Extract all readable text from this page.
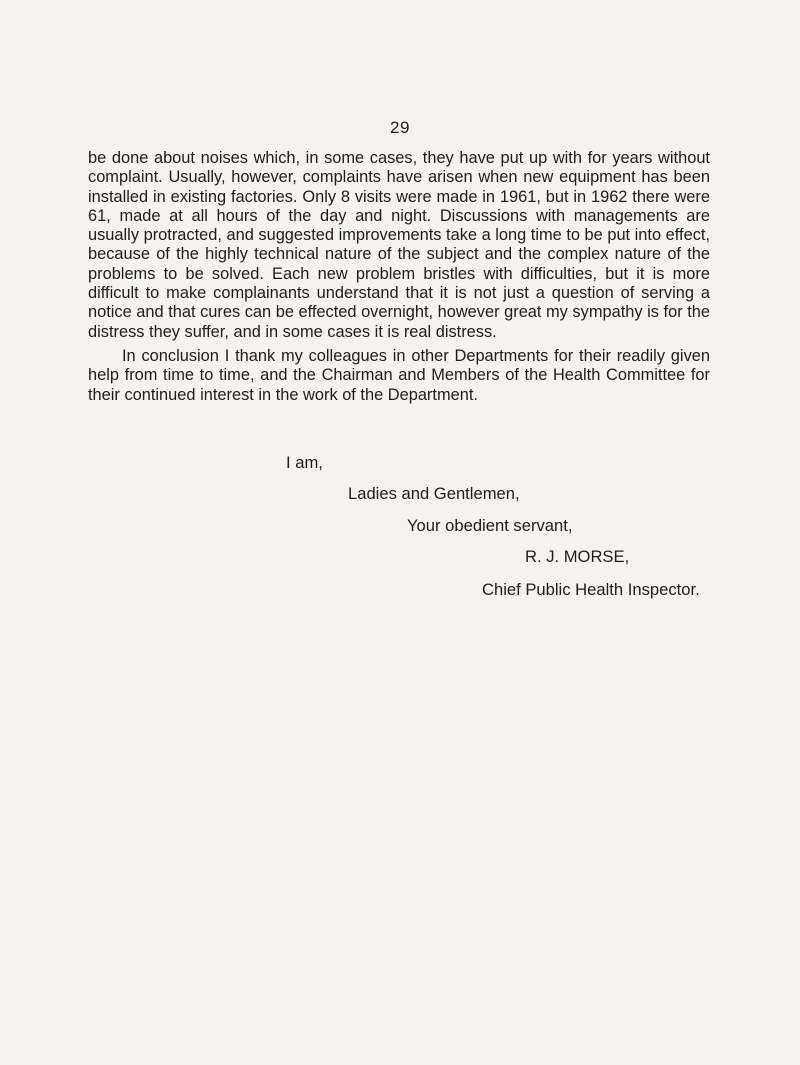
29

be done about noises which, in some cases, they have put up with for years without complaint. Usually, however, complaints have arisen when new equipment has been installed in existing factories. Only 8 visits were made in 1961, but in 1962 there were 61, made at all hours of the day and night. Discussions with managements are usually protracted, and suggested improvements take a long time to be put into effect, because of the highly technical nature of the subject and the complex nature of the problems to be solved. Each new problem bristles with difficulties, but it is more difficult to make complainants understand that it is not just a question of serving a notice and that cures can be effected overnight, however great my sympathy is for the distress they suffer, and in some cases it is real distress.

In conclusion I thank my colleagues in other Departments for their readily given help from time to time, and the Chairman and Members of the Health Committee for their continued interest in the work of the Department.

I am,
Ladies and Gentlemen,
Your obedient servant,
R. J. MORSE,
Chief Public Health Inspector.
